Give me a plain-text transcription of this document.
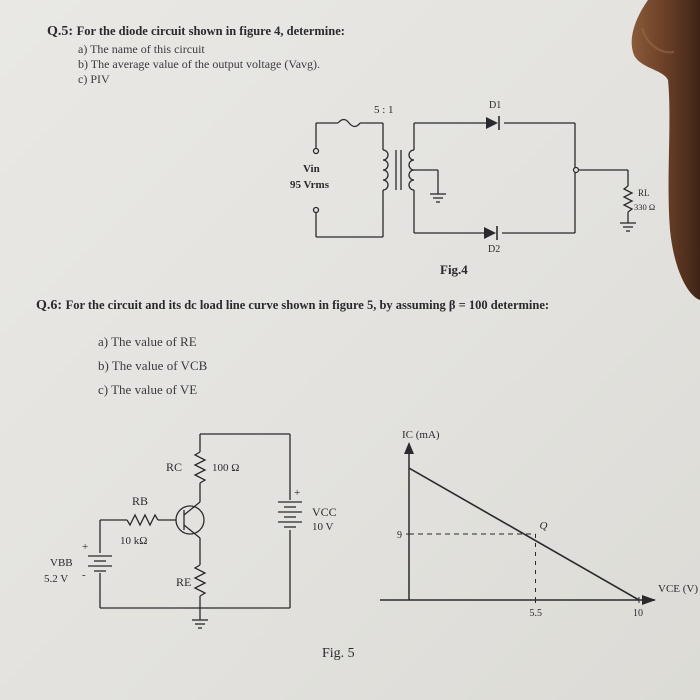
Q.5: For the diode circuit shown in figure 4, determine:
a) The name of this circuit
b) The average value of the output voltage (Vavg).
c) PIV
5 : 1	D1
D2
Vin
95 Vrms
RL
330 Ω
Fig.4
Q.6: For the circuit and its dc load line curve shown in figure 5, by assuming β = 100 determine:
a) The value of RE
b) The value of VCB
c) The value of VE
+
+
-
RC	100 Ω
RB
10 kΩ
RE
VBB
5.2 V
VCC
10 V
IC (mA)
VCE (V)
Q
5.5	10
9
Fig. 5
